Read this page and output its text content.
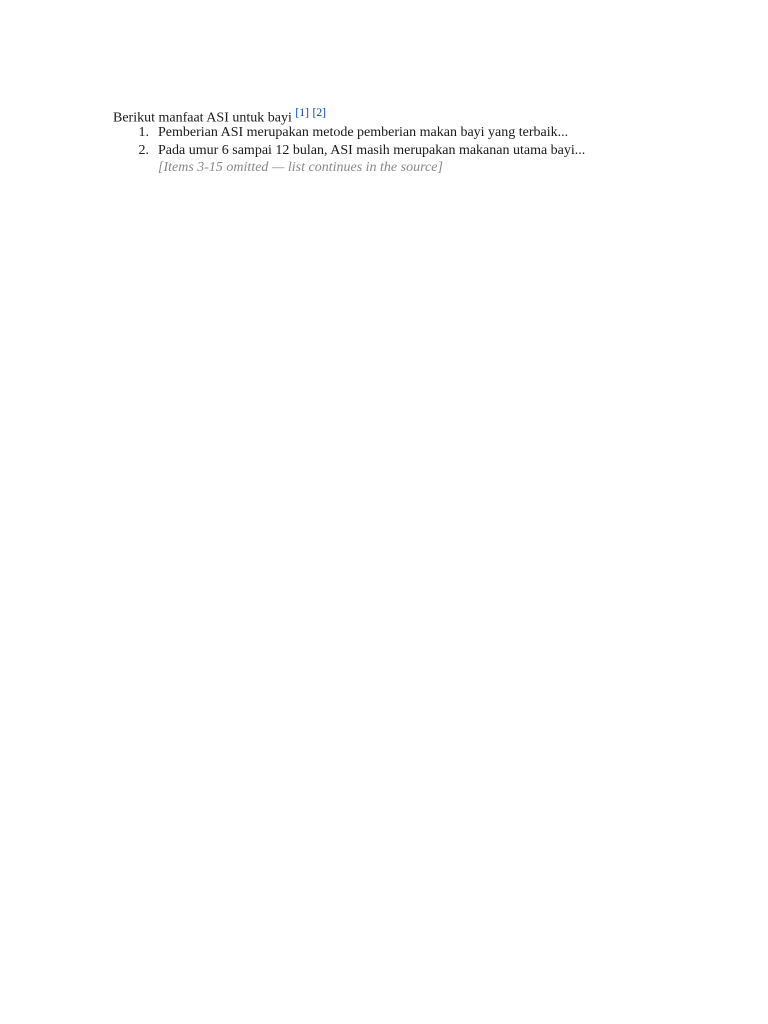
Berikut manfaat ASI untuk bayi [1] [2]

1. Pemberian ASI merupakan metode pemberian makan bayi yang terbaik...
2. Pada umur 6 sampai 12 bulan, ASI masih merupakan makanan utama bayi...
[Items 3-15 omitted — list continues in the source]
